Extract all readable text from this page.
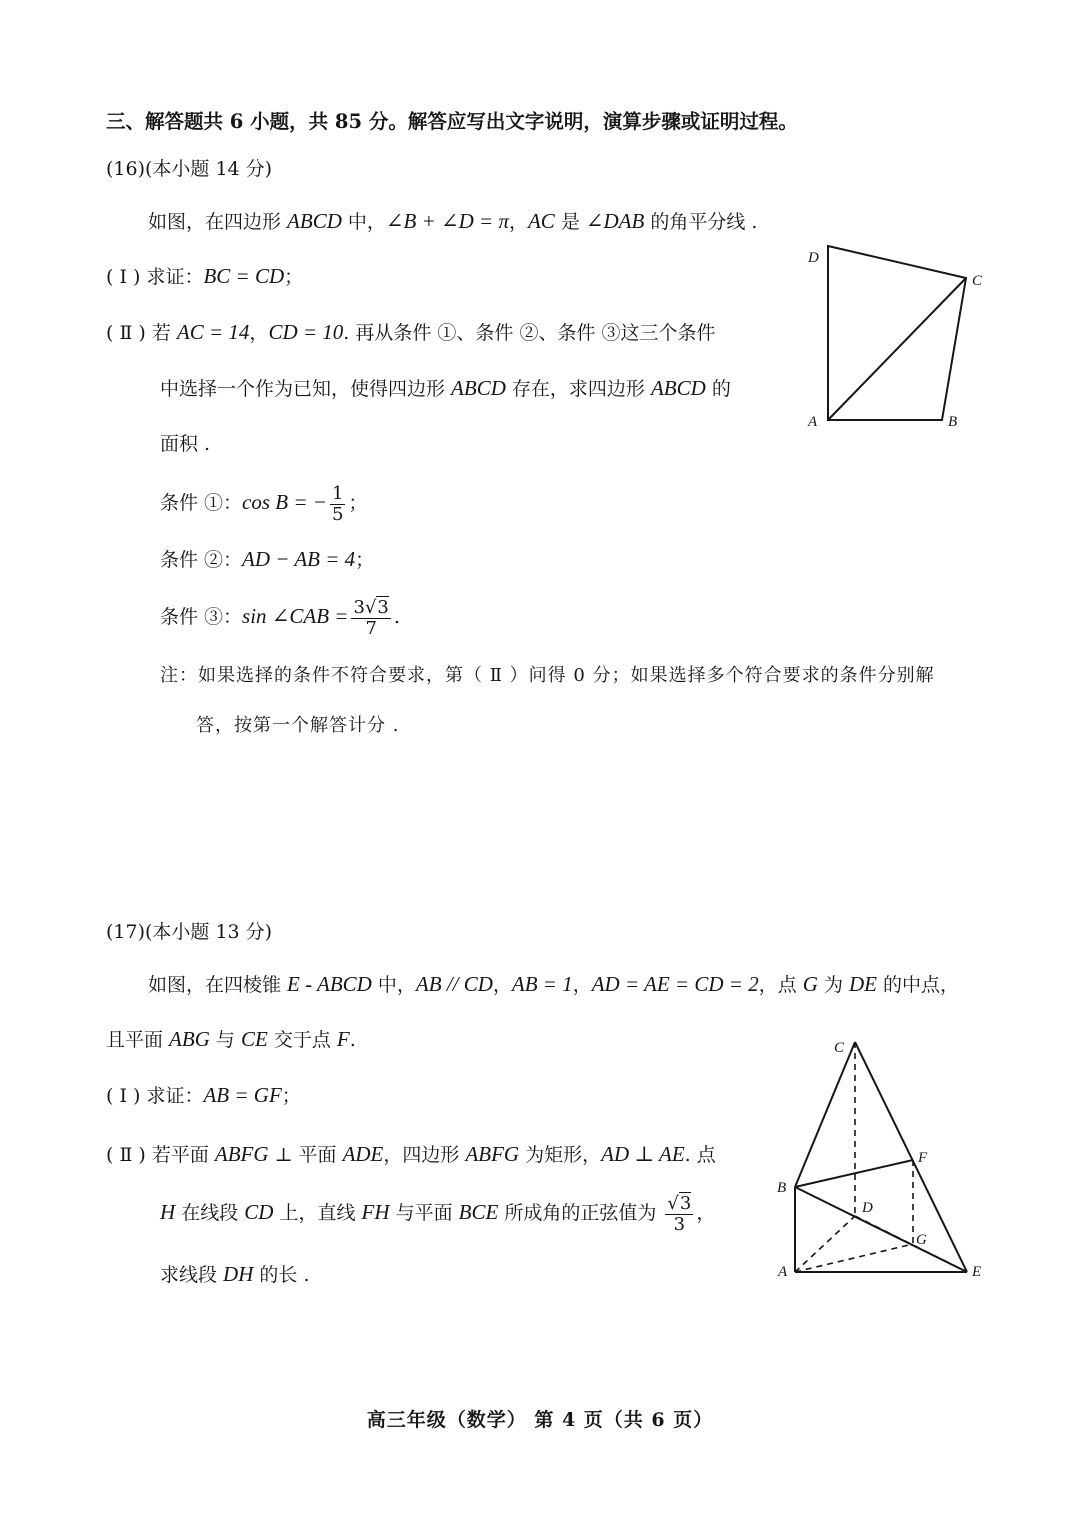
三、解答题共 6 小题，共 85 分。解答应写出文字说明，演算步骤或证明过程。
(16)(本小题 14 分)
如图，在四边形 ABCD 中，∠B + ∠D = π，AC 是 ∠DAB 的角平分线 .
( Ⅰ ) 求证：BC = CD；
( Ⅱ ) 若 AC = 14，CD = 10. 再从条件 ①、条件 ②、条件 ③这三个条件
中选择一个作为已知，使得四边形 ABCD 存在，求四边形 ABCD 的
面积 .
条件 ①：cos B = − $\frac{1}{5}$ ；
条件 ②：AD − AB = 4；
条件 ③：sin ∠CAB = $\frac{3√3}{7}$ .
注：如果选择的条件不符合要求，第（ Ⅱ ）问得 0 分；如果选择多个符合要求的条件分别解
答，按第一个解答计分 .
D
C
A	B
(17)(本小题 13 分)
如图，在四棱锥 E - ABCD 中，AB // CD，AB = 1，AD = AE = CD = 2，点 G 为 DE 的中点，
且平面 ABG 与 CE 交于点 F.
( Ⅰ ) 求证：AB = GF；
( Ⅱ ) 若平面 ABFG ⊥ 平面 ADE，四边形 ABFG 为矩形，AD ⊥ AE. 点
H 在线段 CD 上，直线 FH 与平面 BCE 所成角的正弦值为 $\frac{√3}{3}$ ，
求线段 DH 的长 .
C
B
F
D
G
A	E
高三年级（数学） 第 4 页（共 6 页）
